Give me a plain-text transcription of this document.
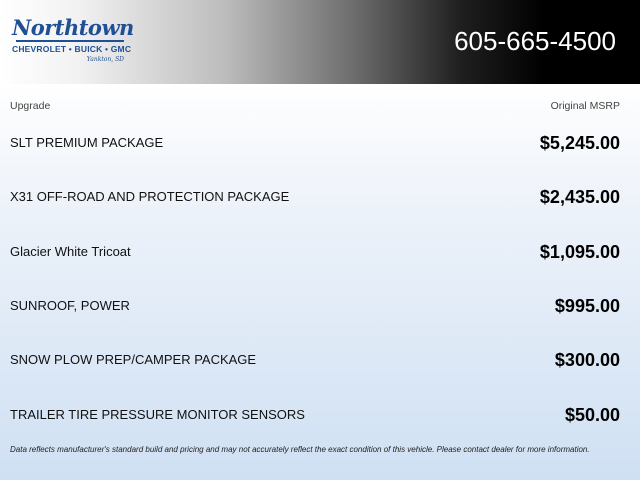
Northtown
CHEVROLET • BUICK • GMC
Yankton, SD
605-665-4500
Upgrade	Original MSRP
SLT PREMIUM PACKAGE	$5,245.00
X31 OFF-ROAD AND PROTECTION PACKAGE	$2,435.00
Glacier White Tricoat	$1,095.00
SUNROOF, POWER	$995.00
SNOW PLOW PREP/CAMPER PACKAGE	$300.00
TRAILER TIRE PRESSURE MONITOR SENSORS	$50.00
Data reflects manufacturer's standard build and pricing and may not accurately reflect the exact condition of this vehicle. Please contact dealer for more information.
